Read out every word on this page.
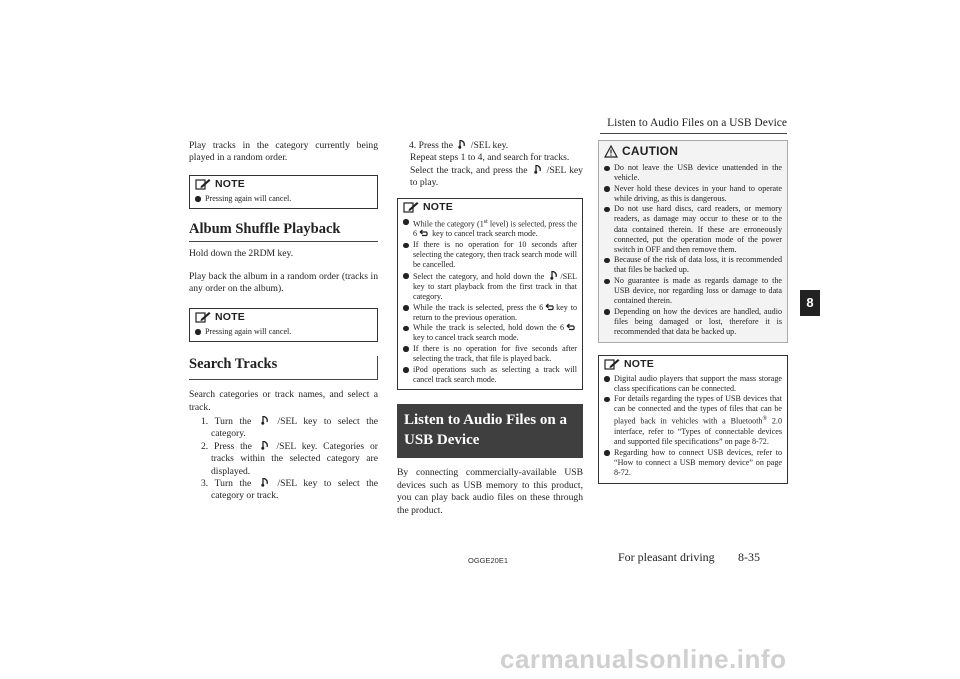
Listen to Audio Files on a USB Device
8

Play tracks in the category currently being played in a random order.

NOTE
Pressing again will cancel.
Album Shuffle Playback

Hold down the 2RDM key.

Play back the album in a random order (tracks in any order on the album).

NOTE
Pressing again will cancel.
Search Tracks

Search categories or track names, and select a track.

1. Turn the	/SEL key to select the category.
2. Press the	/SEL key. Categories or tracks within the selected category are displayed.
3. Turn the	/SEL key to select the category or track.
4. Press the /SEL key.

Repeat steps 1 to 4, and search for tracks.

Select the track, and press the /SEL key to play.

NOTE
While the category (1st level) is selected, press the 6 key to cancel track search mode.
If there is no operation for 10 seconds after selecting the category, then track search mode will be cancelled.
Select the category, and hold down the /SEL key to start playback from the first track in that category.
While the track is selected, press the 6 key to return to the previous operation.
While the track is selected, hold down the 6 key to cancel track search mode.
If there is no operation for five seconds after selecting the track, that file is played back.
iPod operations such as selecting a track will cancel track search mode.
Listen to Audio Files on a USB Device

By connecting commercially-available USB devices such as USB memory to this product, you can play back audio files on these through the product.

CAUTION
Do not leave the USB device unattended in the vehicle.
Never hold these devices in your hand to operate while driving, as this is dangerous.
Do not use hard discs, card readers, or memory readers, as damage may occur to these or to the data contained therein. If these are erroneously connected, put the operation mode of the power switch in OFF and then remove them.
Because of the risk of data loss, it is recommended that files be backed up.
No guarantee is made as regards damage to the USB device, nor regarding loss or damage to data contained therein.
Depending on how the devices are handled, audio files being damaged or lost, therefore it is recommended that data be backed up.
NOTE
Digital audio players that support the mass storage class specifications can be connected.
For details regarding the types of USB devices that can be connected and the types of files that can be played back in vehicles with a Bluetooth® 2.0 interface, refer to “Types of connectable devices and supported file specifications” on page 8-72.
Regarding how to connect USB devices, refer to “How to connect a USB memory device” on page 8-72.
OGGE20E1	For pleasant driving 8-35
carmanualsonline.info
